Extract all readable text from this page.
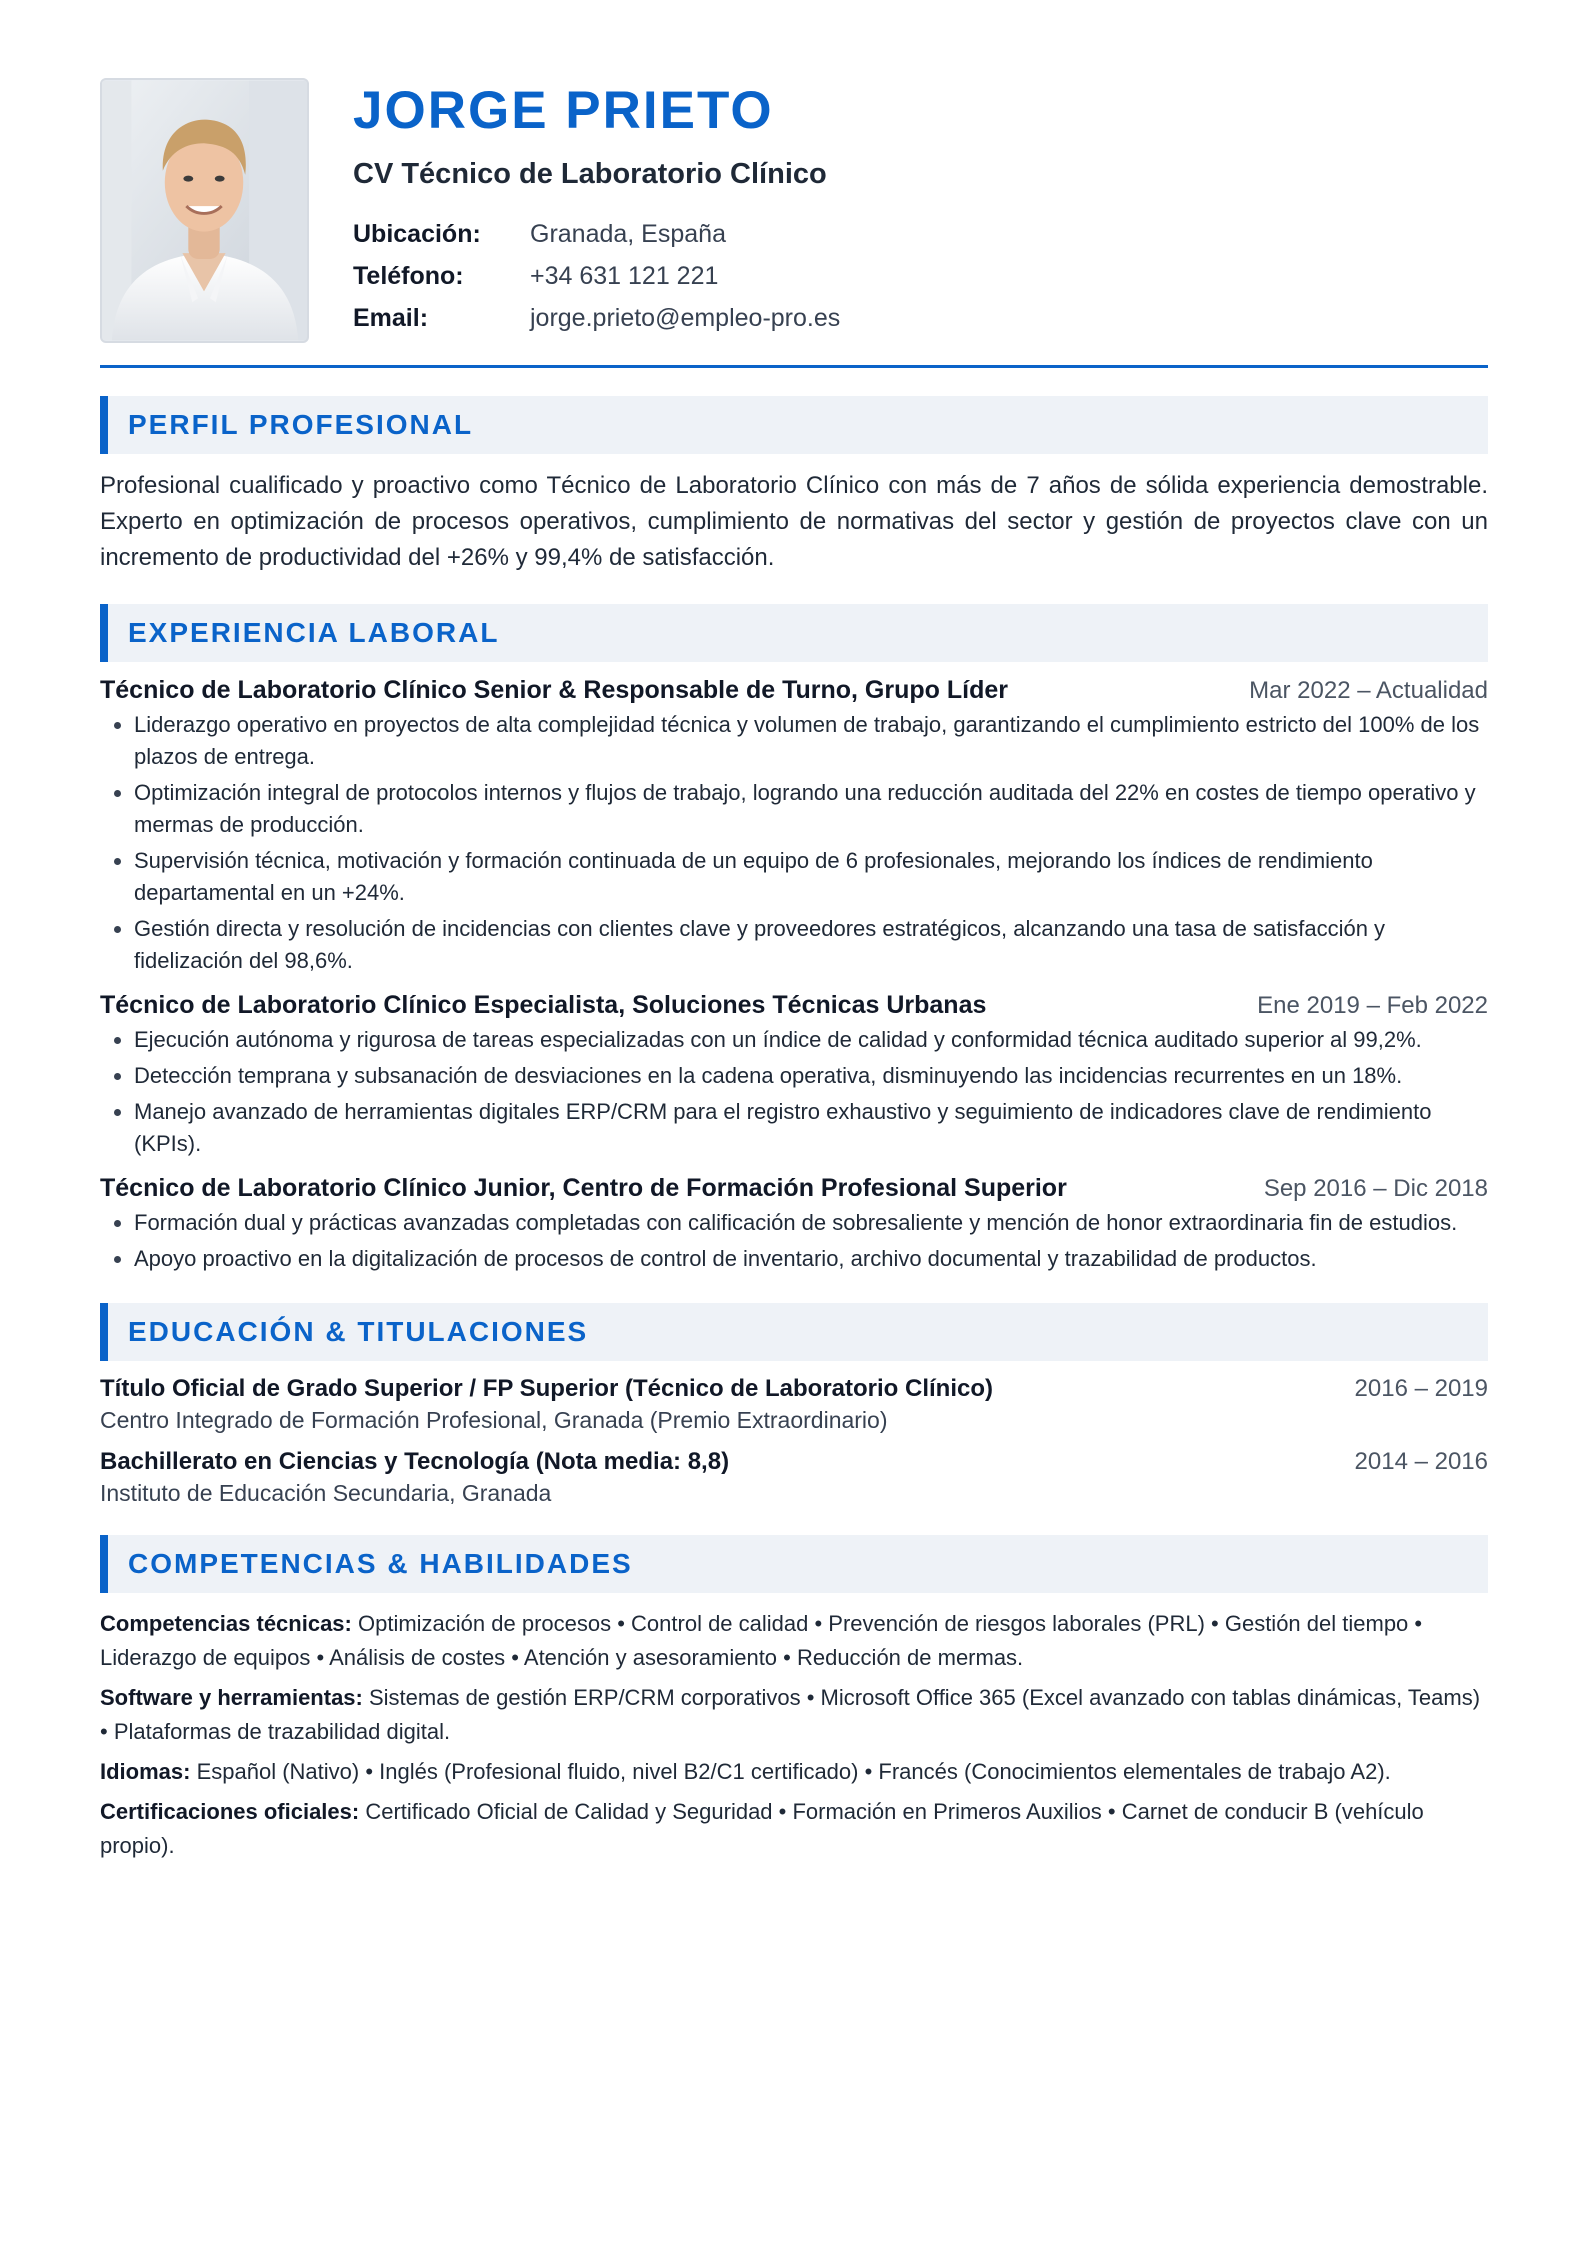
JORGE PRIETO
CV Técnico de Laboratorio Clínico
Ubicación:	Granada, España
Teléfono:	+34 631 121 221
Email:	jorge.prieto@empleo-pro.es
PERFIL PROFESIONAL

Profesional cualificado y proactivo como Técnico de Laboratorio Clínico con más de 7 años de sólida experiencia demostrable. Experto en optimización de procesos operativos, cumplimiento de normativas del sector y gestión de proyectos clave con un incremento de productividad del +26% y 99,4% de satisfacción.

EXPERIENCIA LABORAL
Técnico de Laboratorio Clínico Senior & Responsable de Turno, Grupo Líder	Mar 2022 – Actualidad
Liderazgo operativo en proyectos de alta complejidad técnica y volumen de trabajo, garantizando el cumplimiento estricto del 100% de los plazos de entrega.
Optimización integral de protocolos internos y flujos de trabajo, logrando una reducción auditada del 22% en costes de tiempo operativo y mermas de producción.
Supervisión técnica, motivación y formación continuada de un equipo de 6 profesionales, mejorando los índices de rendimiento departamental en un +24%.
Gestión directa y resolución de incidencias con clientes clave y proveedores estratégicos, alcanzando una tasa de satisfacción y fidelización del 98,6%.
Técnico de Laboratorio Clínico Especialista, Soluciones Técnicas Urbanas	Ene 2019 – Feb 2022
Ejecución autónoma y rigurosa de tareas especializadas con un índice de calidad y conformidad técnica auditado superior al 99,2%.
Detección temprana y subsanación de desviaciones en la cadena operativa, disminuyendo las incidencias recurrentes en un 18%.
Manejo avanzado de herramientas digitales ERP/CRM para el registro exhaustivo y seguimiento de indicadores clave de rendimiento (KPIs).
Técnico de Laboratorio Clínico Junior, Centro de Formación Profesional Superior	Sep 2016 – Dic 2018
Formación dual y prácticas avanzadas completadas con calificación de sobresaliente y mención de honor extraordinaria fin de estudios.
Apoyo proactivo en la digitalización de procesos de control de inventario, archivo documental y trazabilidad de productos.
EDUCACIÓN & TITULACIONES
Título Oficial de Grado Superior / FP Superior (Técnico de Laboratorio Clínico)	2016 – 2019
Centro Integrado de Formación Profesional, Granada (Premio Extraordinario)
Bachillerato en Ciencias y Tecnología (Nota media: 8,8)	2014 – 2016
Instituto de Educación Secundaria, Granada
COMPETENCIAS & HABILIDADES

Competencias técnicas: Optimización de procesos • Control de calidad • Prevención de riesgos laborales (PRL) • Gestión del tiempo • Liderazgo de equipos • Análisis de costes • Atención y asesoramiento • Reducción de mermas.

Software y herramientas: Sistemas de gestión ERP/CRM corporativos • Microsoft Office 365 (Excel avanzado con tablas dinámicas, Teams) • Plataformas de trazabilidad digital.

Idiomas: Español (Nativo) • Inglés (Profesional fluido, nivel B2/C1 certificado) • Francés (Conocimientos elementales de trabajo A2).

Certificaciones oficiales: Certificado Oficial de Calidad y Seguridad • Formación en Primeros Auxilios • Carnet de conducir B (vehículo propio).
